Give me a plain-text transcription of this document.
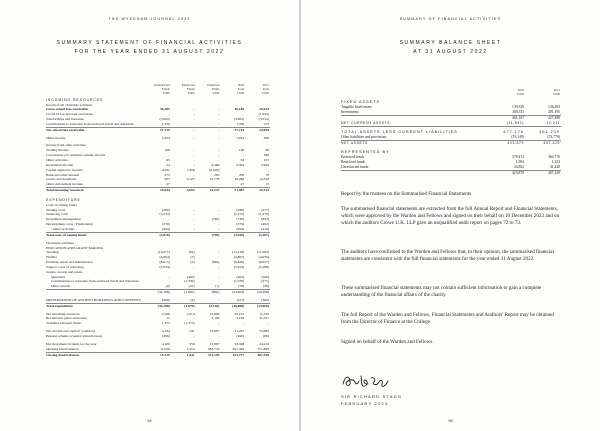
THE WYKEHAM JOURNAL 2022
SUMMARY STATEMENT OF FINANCIAL ACTIVITIES
FOR THE YEAR ENDED 31 AUGUST 2022
	Unrestricted	Restricted	Endowed	2022	2021
	Funds	Funds	Funds	Total	Total
	£'000	£'000	£'000	£'000	£'000
INCOMING RESOURCES					
Income from charitable activities					
Gross school fees receivable	30,185	-	-	30,185	29,012
Covid-19 fee discount and rebate	-	-	-	-	(1,934)
Scholarships and bursaries	(3,802)	-	-	(3,802)	(3,554)
Contributions to bursaries from endowed funds and donations	1,336	-	-	1,336	575
Net school fees receivable	27,719	-	-	27,719	24,099

Other income	1,024	-	-	1,024	490

Income from other activities					
Trading income	196	-	-	196	98
Coronavirus job retention scheme income	-	-	-	-	386
Other activities	63	-	-	63	107
Investment income	24	-	4,280	4,304	2,909
Capital applied to income	4,561	1,468	(6,029)	-	-
Bank and other interest	273	-	203	476	70
Grants and donations	263	2,225	15,778	18,266	14,318
Other endowment income	47	-	-	47	15
Total incoming resources	34,044	3,693	14,237	51,987	42,512

EXPENDITURE					
Costs of raising funds					
Trading costs	(280)	-	-	(280)	(277)
Financing costs	(1,253)	-	-	(1,253)	(1,279)
Investment management	-	-	(740)	(740)	(843)
Development costs : Fundraising	(379)	-	-	(379)	(492)
: Other activities	(904)	-	-	(904)	(416)
Total costs of raising funds	(2,816)	-	(740)	(3,556)	(3,307)

Charitable activities					
EDUCATION AND GRANT MAKING					
Teaching	(13,077)	(81)	-	(13,158)	(11,092)
Welfare	(4,804)	(3)	-	(4,807)	(4,030)
Premises repair and maintenance	(8,615)	(2)	(849)	(9,466)	(8,927)
Support costs of schooling	(5,634)	-	-	(5,634)	(5,288)
Grants, awards and prizes					
Quiristers	-	(402)	-	(402)	(309)
Contributions to bursaries from endowed funds and donations	-	(1,336)	-	(1,336)	(575)
Other awards	(0)	(41)	(1)	(58)	(48)
	(32,188)	(1,865)	(850)	(34,904)	(30,268)

PRESERVATION OF ANCIENT BUILDINGS AND CONTENTS	(400)	(4)	-	(411)	(362)
Total expenditure	(35,398)	(1,879)	(2,130)	(38,868)	(33,000)

Net incoming resources	2,106	1,914	12,806	16,191	11,352
Revaluation gains and losses	15	-	3,106	3,106	21,327
Transfers between funds	1,373	(1,373)	-	-	-

Net income and capital+ (outflow)	4,194	541	15,807	21,297	34,685
Pension scheme actuarial gains/(losses)	(496)	-	-	(496)	(86)

Net movement in funds for the year	4,109	558	15,807	18,348	34,210
Opening fund balances	11,020	1,253	384,776	407,429	371,808
Closing fund balances	15,129	1,811	371,103	425,777	407,429
94
SUMMARY OF FINANCIAL ACTIVITIES
SUMMARY BALANCE SHEET
AT 31 AUGUST 2022
	2022	2021
	£'000	£'000
FIXED ASSETS		
Tangible fixed assets	139,356	136,293
Investments	309,511	291,195
	461,167	427,488
NET CURRENT ASSETS	(11,842)	12,211

TOTAL ASSETS LESS CURRENT LIABILITIES	477,176	461,239
Other liabilities and provisions	(53,149)	(53,770)
NET ASSETS	423,879	407,429

REPRESENTED BY		
Endowed funds	378,413	364,776
Restricted funds	1,904	1,223
Unrestricted funds	43,862	41,420
	423,879	407,429
Report by the trustees on the Summarised Financial Statements
The summarised financial statements are extracted from the full Annual Report and Financial Statements, which were approved by the Warden and Fellows and signed on their behalf on 10 December 2022 and on which the auditors Crowe U.K. LLP gave an unqualified audit report on pages 72 to 73.
The auditors have confirmed to the Warden and Fellows that, in their opinion, the summarised financial statements are consistent with the full financial statements for the year ended 31 August 2022.
These summarised financial statements may not contain sufficient information to gain a complete understanding of the financial affairs of the charity.
The full Report of the Warden and Fellows, Financial Statements and Auditors' Report may be obtained from the Director of Finance at the College.
Signed on behalf of the Warden and Fellows.
SIR RICHARD STAGG
FEBRUARY 2023
95
